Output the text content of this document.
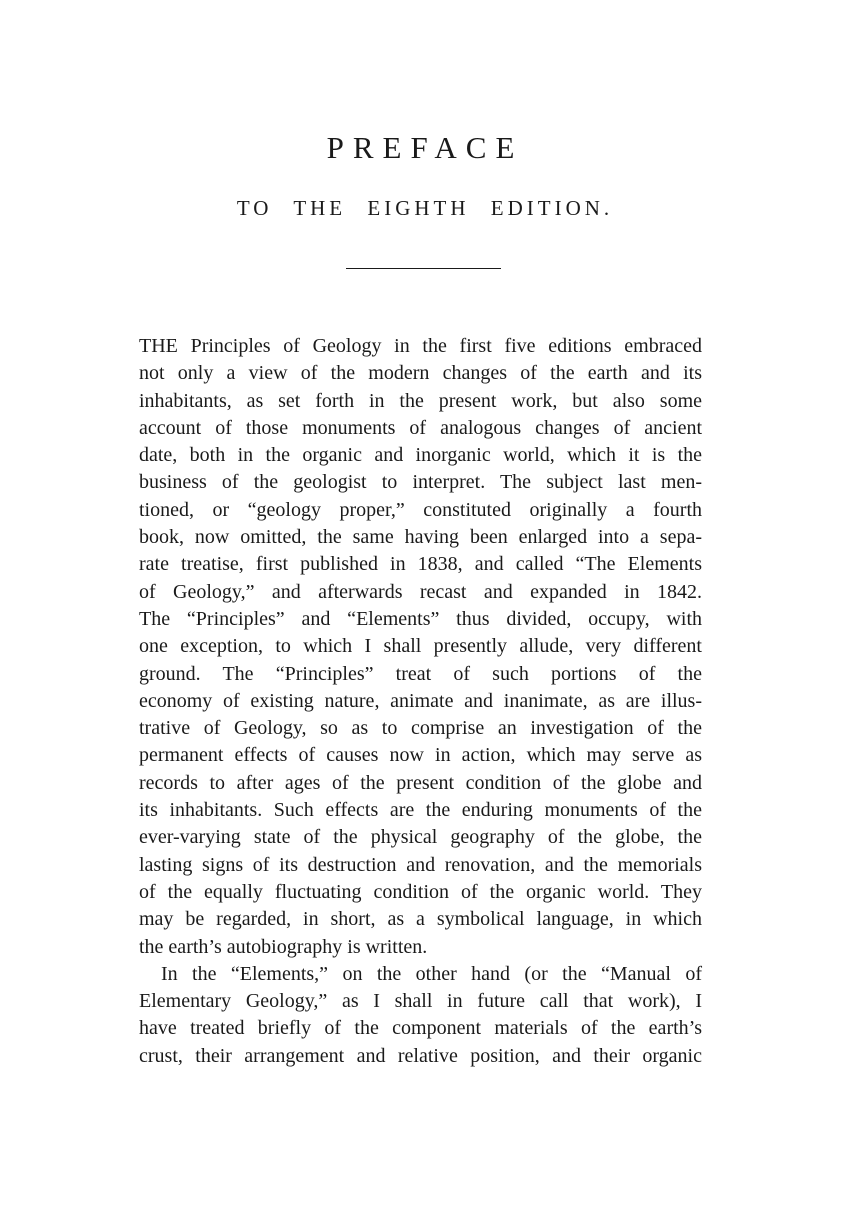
PREFACE
TO THE EIGHTH EDITION.
THE Principles of Geology in the first five editions embraced
not only a view of the modern changes of the earth and its
inhabitants, as set forth in the present work, but also some
account of those monuments of analogous changes of ancient
date, both in the organic and inorganic world, which it is the
business of the geologist to interpret. The subject last men-
tioned, or “geology proper,” constituted originally a fourth
book, now omitted, the same having been enlarged into a sepa-
rate treatise, first published in 1838, and called “The Elements
of Geology,” and afterwards recast and expanded in 1842.
The “Principles” and “Elements” thus divided, occupy, with
one exception, to which I shall presently allude, very different
ground. The “Principles” treat of such portions of the
economy of existing nature, animate and inanimate, as are illus-
trative of Geology, so as to comprise an investigation of the
permanent effects of causes now in action, which may serve as
records to after ages of the present condition of the globe and
its inhabitants. Such effects are the enduring monuments of the
ever-varying state of the physical geography of the globe, the
lasting signs of its destruction and renovation, and the memorials
of the equally fluctuating condition of the organic world. They
may be regarded, in short, as a symbolical language, in which
the earth’s autobiography is written.
In the “Elements,” on the other hand (or the “Manual of
Elementary Geology,” as I shall in future call that work), I
have treated briefly of the component materials of the earth’s
crust, their arrangement and relative position, and their organic
